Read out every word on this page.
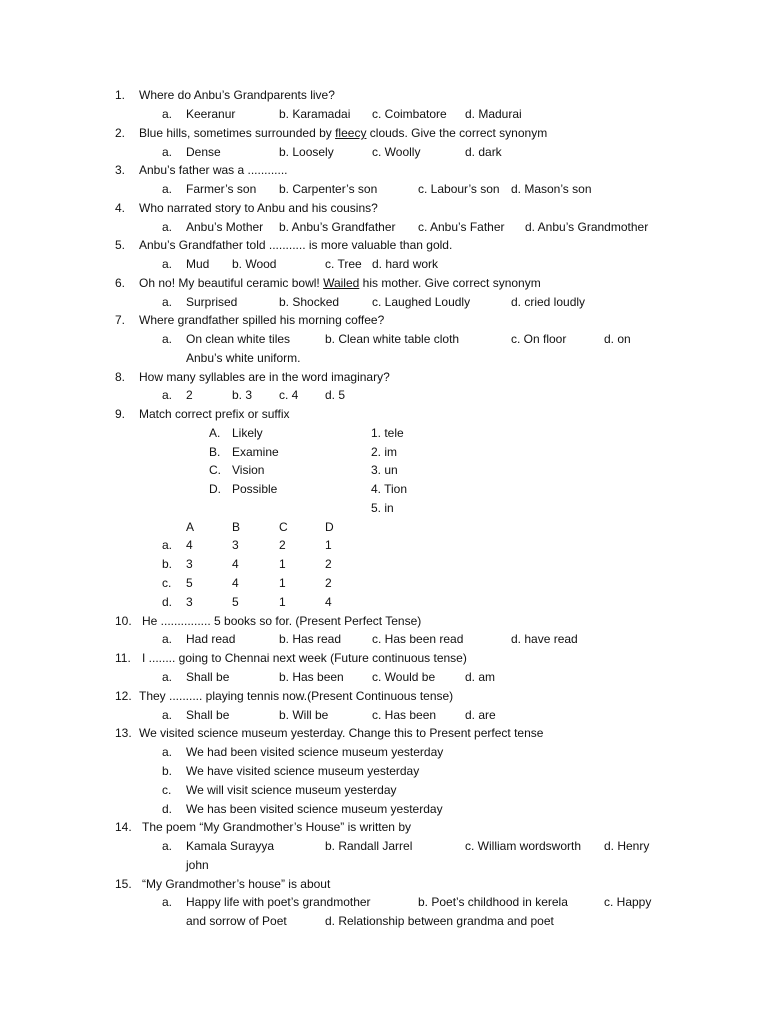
1. Where do Anbu’s Grandparents live?
a. Keeranur	b. Karamadai c. Coimbatore d. Madurai
2. Blue hills, sometimes surrounded by fleecy clouds. Give the correct synonym
a. Dense	b. Loosely	c. Woolly	d. dark
3. Anbu’s father was a ............
a. Farmer’s son b. Carpenter’s son	c. Labour’s son d. Mason’s son
4. Who narrated story to Anbu and his cousins?
a. Anbu’s Mother b. Anbu’s Grandfather c. Anbu’s Father d. Anbu’s Grandmother
5. Anbu’s Grandfather told ........... is more valuable than gold.
a. Mud b. Wood	c. Tree d. hard work
6. Oh no! My beautiful ceramic bowl! Wailed his mother. Give correct synonym
a. Surprised	b. Shocked	c. Laughed Loudly	d. cried loudly
7. Where grandfather spilled his morning coffee?
a. On clean white tiles	b. Clean white table cloth	c. On floor	d. on
Anbu’s white uniform.
8. How many syllables are in the word imaginary?
a. 2	b. 3 c. 4 d. 5
9. Match correct prefix or suffix
A. Likely	1. tele
B. Examine	2. im
C. Vision	3. un
D. Possible	4. Tion
5. in
A	B	C	D
a. 4	3	2	1
b. 3	4	1	2
c. 5	4	1	2
d. 3	5	1	4
10. He ............... 5 books so for. (Present Perfect Tense)
a. Had read	b. Has read	c. Has been read	d. have read
11. I ........ going to Chennai next week (Future continuous tense)
a. Shall be	b. Has been c. Would be d. am
12. They .......... playing tennis now.(Present Continuous tense)
a. Shall be	b. Will be	c. Has been d. are
13. We visited science museum yesterday. Change this to Present perfect tense
a. We had been visited science museum yesterday
b. We have visited science museum yesterday
c. We will visit science museum yesterday
d. We has been visited science museum yesterday
14. The poem “My Grandmother’s House” is written by
a. Kamala Surayya	b. Randall Jarrel	c. William wordsworth d. Henry
john
15. “My Grandmother’s house” is about
a. Happy life with poet’s grandmother	b. Poet’s childhood in kerela	c. Happy
and sorrow of Poet	d. Relationship between grandma and poet
